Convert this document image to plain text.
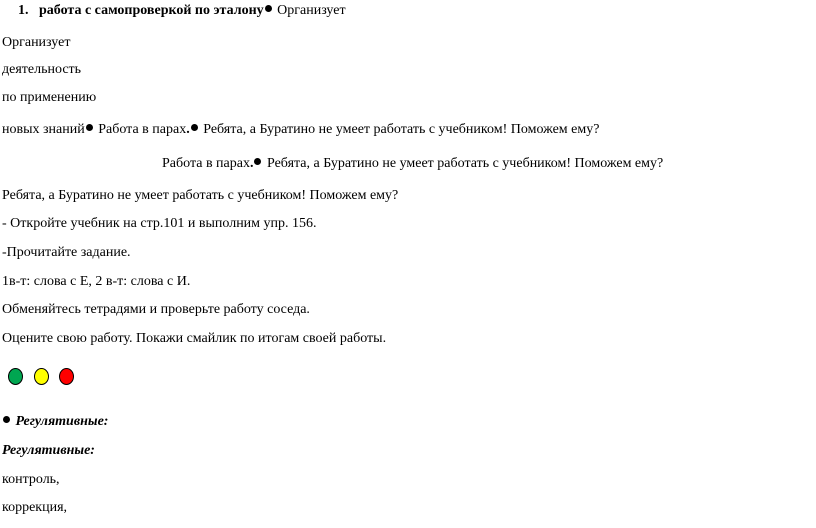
1. работа с самопроверкой по эталону Организует
Организует
деятельность
по применению
новых знаний Работа в парах. Ребята, а Буратино не умеет работать с учебником! Поможем ему?
Работа в парах. Ребята, а Буратино не умеет работать с учебником! Поможем ему?
Ребята, а Буратино не умеет работать с учебником! Поможем ему?
- Откройте учебник на стр.101 и выполним упр. 156.
-Прочитайте задание.
1в-т: слова с Е, 2 в-т: слова с И.
Обменяйтесь тетрадями и проверьте работу соседа.
Оцените свою работу. Покажи смайлик по итогам своей работы.
Регулятивные:
Регулятивные:
контроль,
коррекция,
